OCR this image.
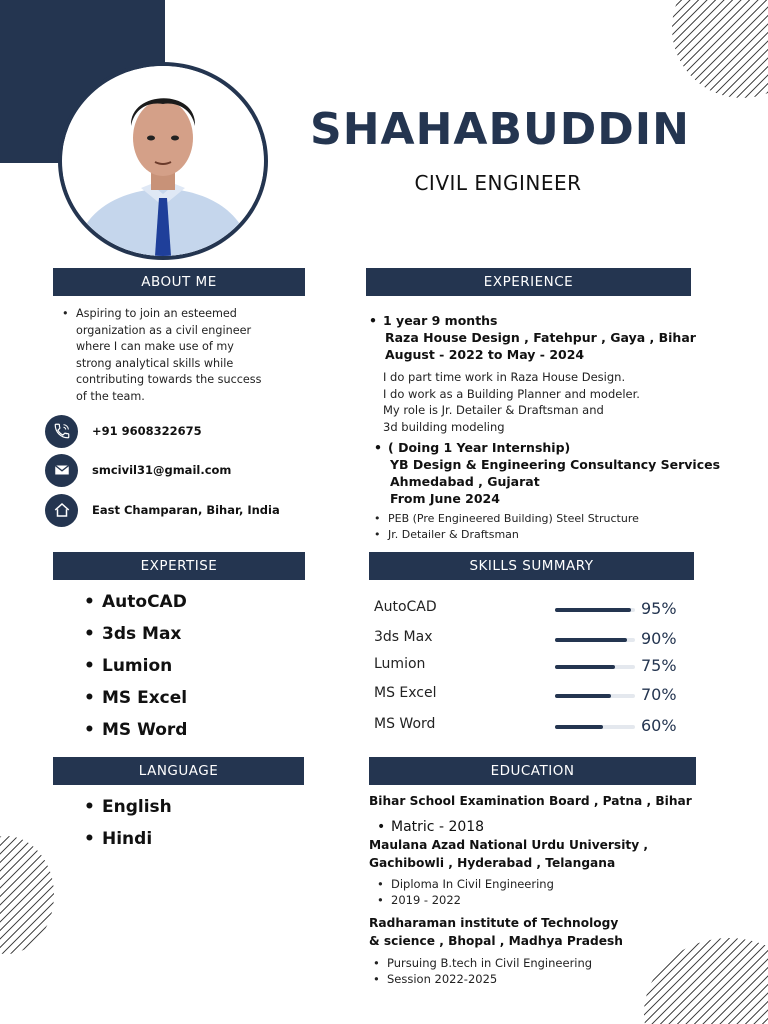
SHAHABUDDIN
CIVIL ENGINEER
ABOUT ME
• Aspiring to join an esteemed
organization as a civil engineer
where I can make use of my
strong analytical skills while
contributing towards the success
of the team.
+91 9608322675
smcivil31@gmail.com
East Champaran, Bihar, India
EXPERTISE
• AutoCAD
• 3ds Max
• Lumion
• MS Excel
• MS Word
LANGUAGE
• English
• Hindi
EXPERIENCE
• 1 year 9 months
Raza House Design , Fatehpur , Gaya , Bihar
August - 2022 to May - 2024
I do part time work in Raza House Design.
I do work as a Building Planner and modeler.
My role is Jr. Detailer & Draftsman and
3d building modeling
• ( Doing 1 Year Internship)
YB Design & Engineering Consultancy Services
Ahmedabad , Gujarat
From June 2024
• PEB (Pre Engineered Building) Steel Structure
• Jr. Detailer & Draftsman
SKILLS SUMMARY
AutoCAD	95%
3ds Max	90%
Lumion	75%
MS Excel	70%
MS Word	60%
EDUCATION
Bihar School Examination Board , Patna , Bihar
• Matric - 2018
Maulana Azad National Urdu University ,
Gachibowli , Hyderabad , Telangana
• Diploma In Civil Engineering
• 2019 - 2022
Radharaman institute of Technology
& science , Bhopal , Madhya Pradesh
• Pursuing B.tech in Civil Engineering
• Session 2022-2025
